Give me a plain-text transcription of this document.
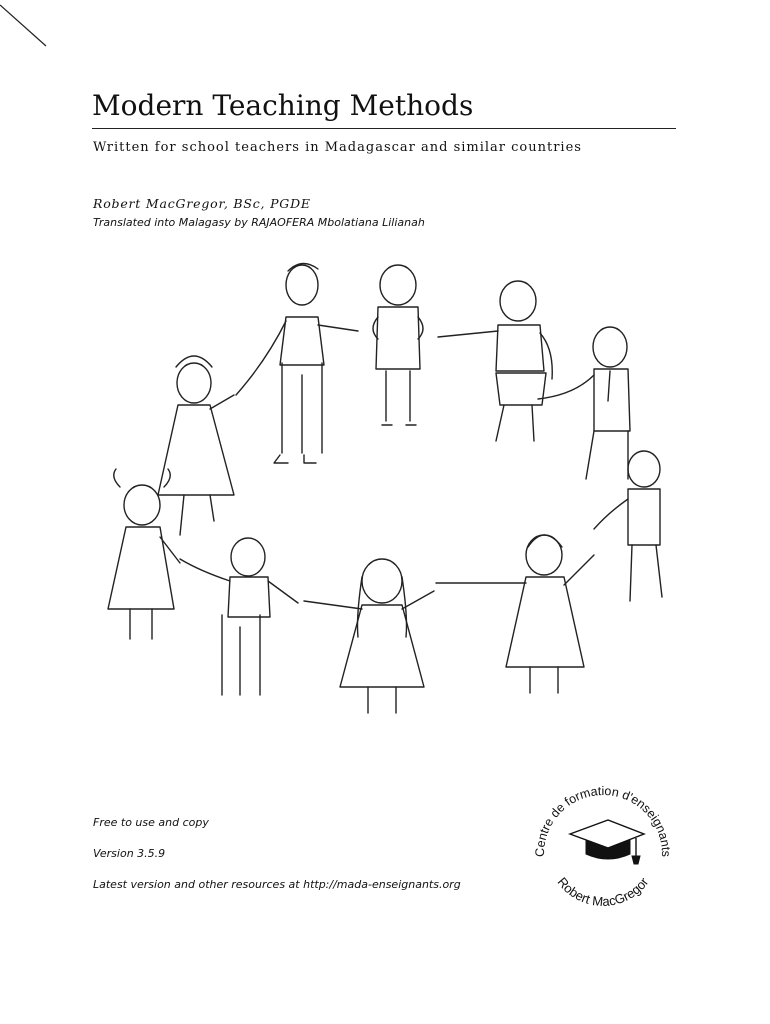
Modern Teaching Methods

Written for school teachers in Madagascar and similar countries

Robert MacGregor, BSc, PGDE

Translated into Malagasy by RAJAOFERA Mbolatiana Lilianah

Free to use and copy

Version 3.5.9

Latest version and other resources at http://mada-enseignants.org

Centre de formation d'enseignants
Robert MacGregor
